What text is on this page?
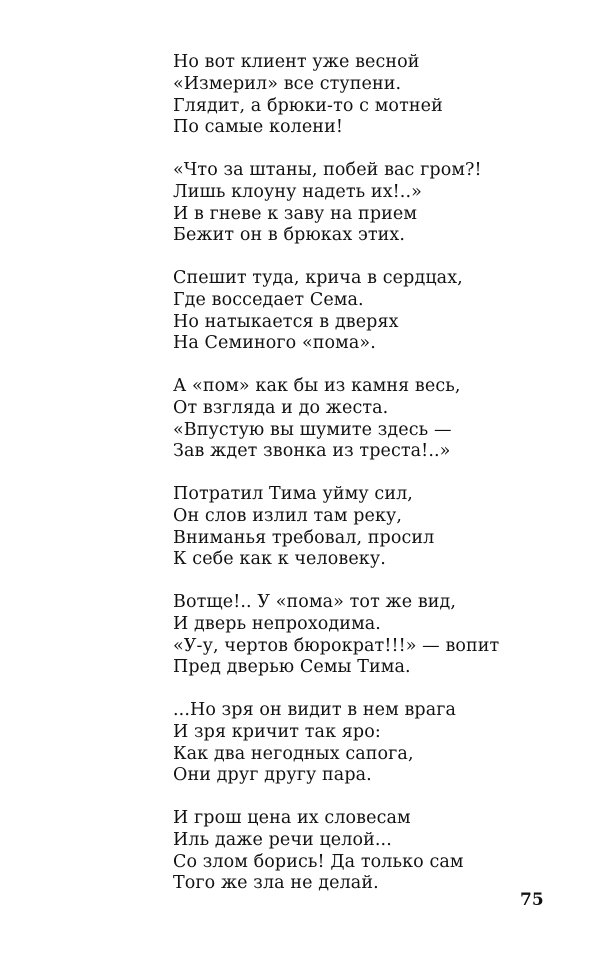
Но вот клиент уже весной
«Измерил» все ступени.
Глядит, а брюки-то с мотней
По самые колени!
«Что за штаны, побей вас гром?!
Лишь клоуну надеть их!..»
И в гневе к заву на прием
Бежит он в брюках этих.
Спешит туда, крича в сердцах,
Где восседает Сема.
Но натыкается в дверях
На Семиного «пома».
А «пом» как бы из камня весь,
От взгляда и до жеста.
«Впустую вы шумите здесь —
Зав ждет звонка из треста!..»
Потратил Тима уйму сил,
Он слов излил там реку,
Вниманья требовал, просил
К себе как к человеку.
Вотще!.. У «пома» тот же вид,
И дверь непроходима.
«У-у, чертов бюрократ!!!» — вопит
Пред дверью Семы Тима.
...Но зря он видит в нем врага
И зря кричит так яро:
Как два негодных сапога,
Они друг другу пара.
И грош цена их словесам
Иль даже речи целой...
Со злом борись! Да только сам
Того же зла не делай.
75
